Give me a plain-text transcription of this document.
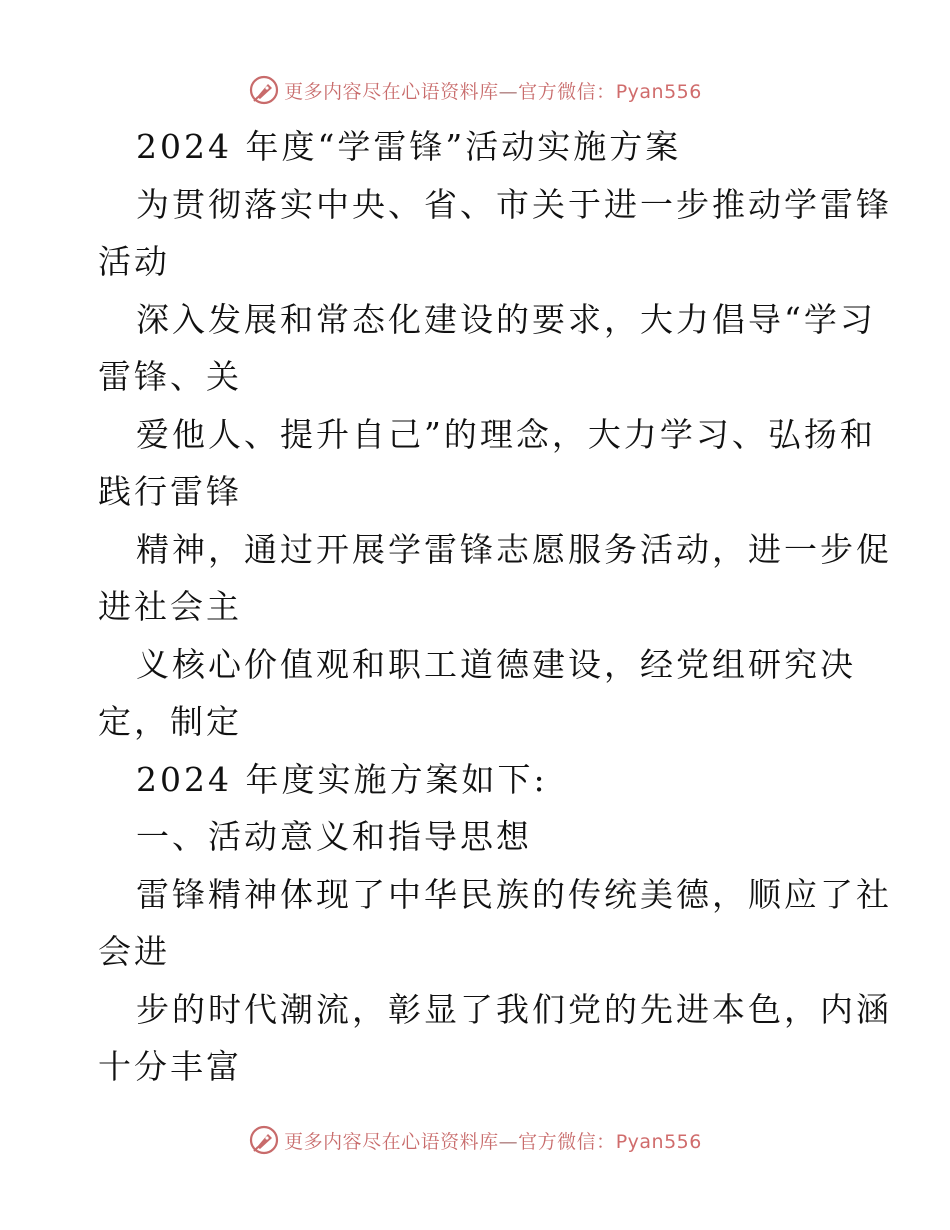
更多内容尽在心语资料库—官方微信：Pyan556
2024 年度“学雷锋”活动实施方案
为贯彻落实中央、省、市关于进一步推动学雷锋
活动
深入发展和常态化建设的要求，大力倡导“学习
雷锋、关
爱他人、提升自己”的理念，大力学习、弘扬和
践行雷锋
精神，通过开展学雷锋志愿服务活动，进一步促
进社会主
义核心价值观和职工道德建设，经党组研究决
定，制定
2024 年度实施方案如下:
一、活动意义和指导思想
雷锋精神体现了中华民族的传统美德，顺应了社
会进
步的时代潮流，彰显了我们党的先进本色，内涵
十分丰富
更多内容尽在心语资料库—官方微信：Pyan556
